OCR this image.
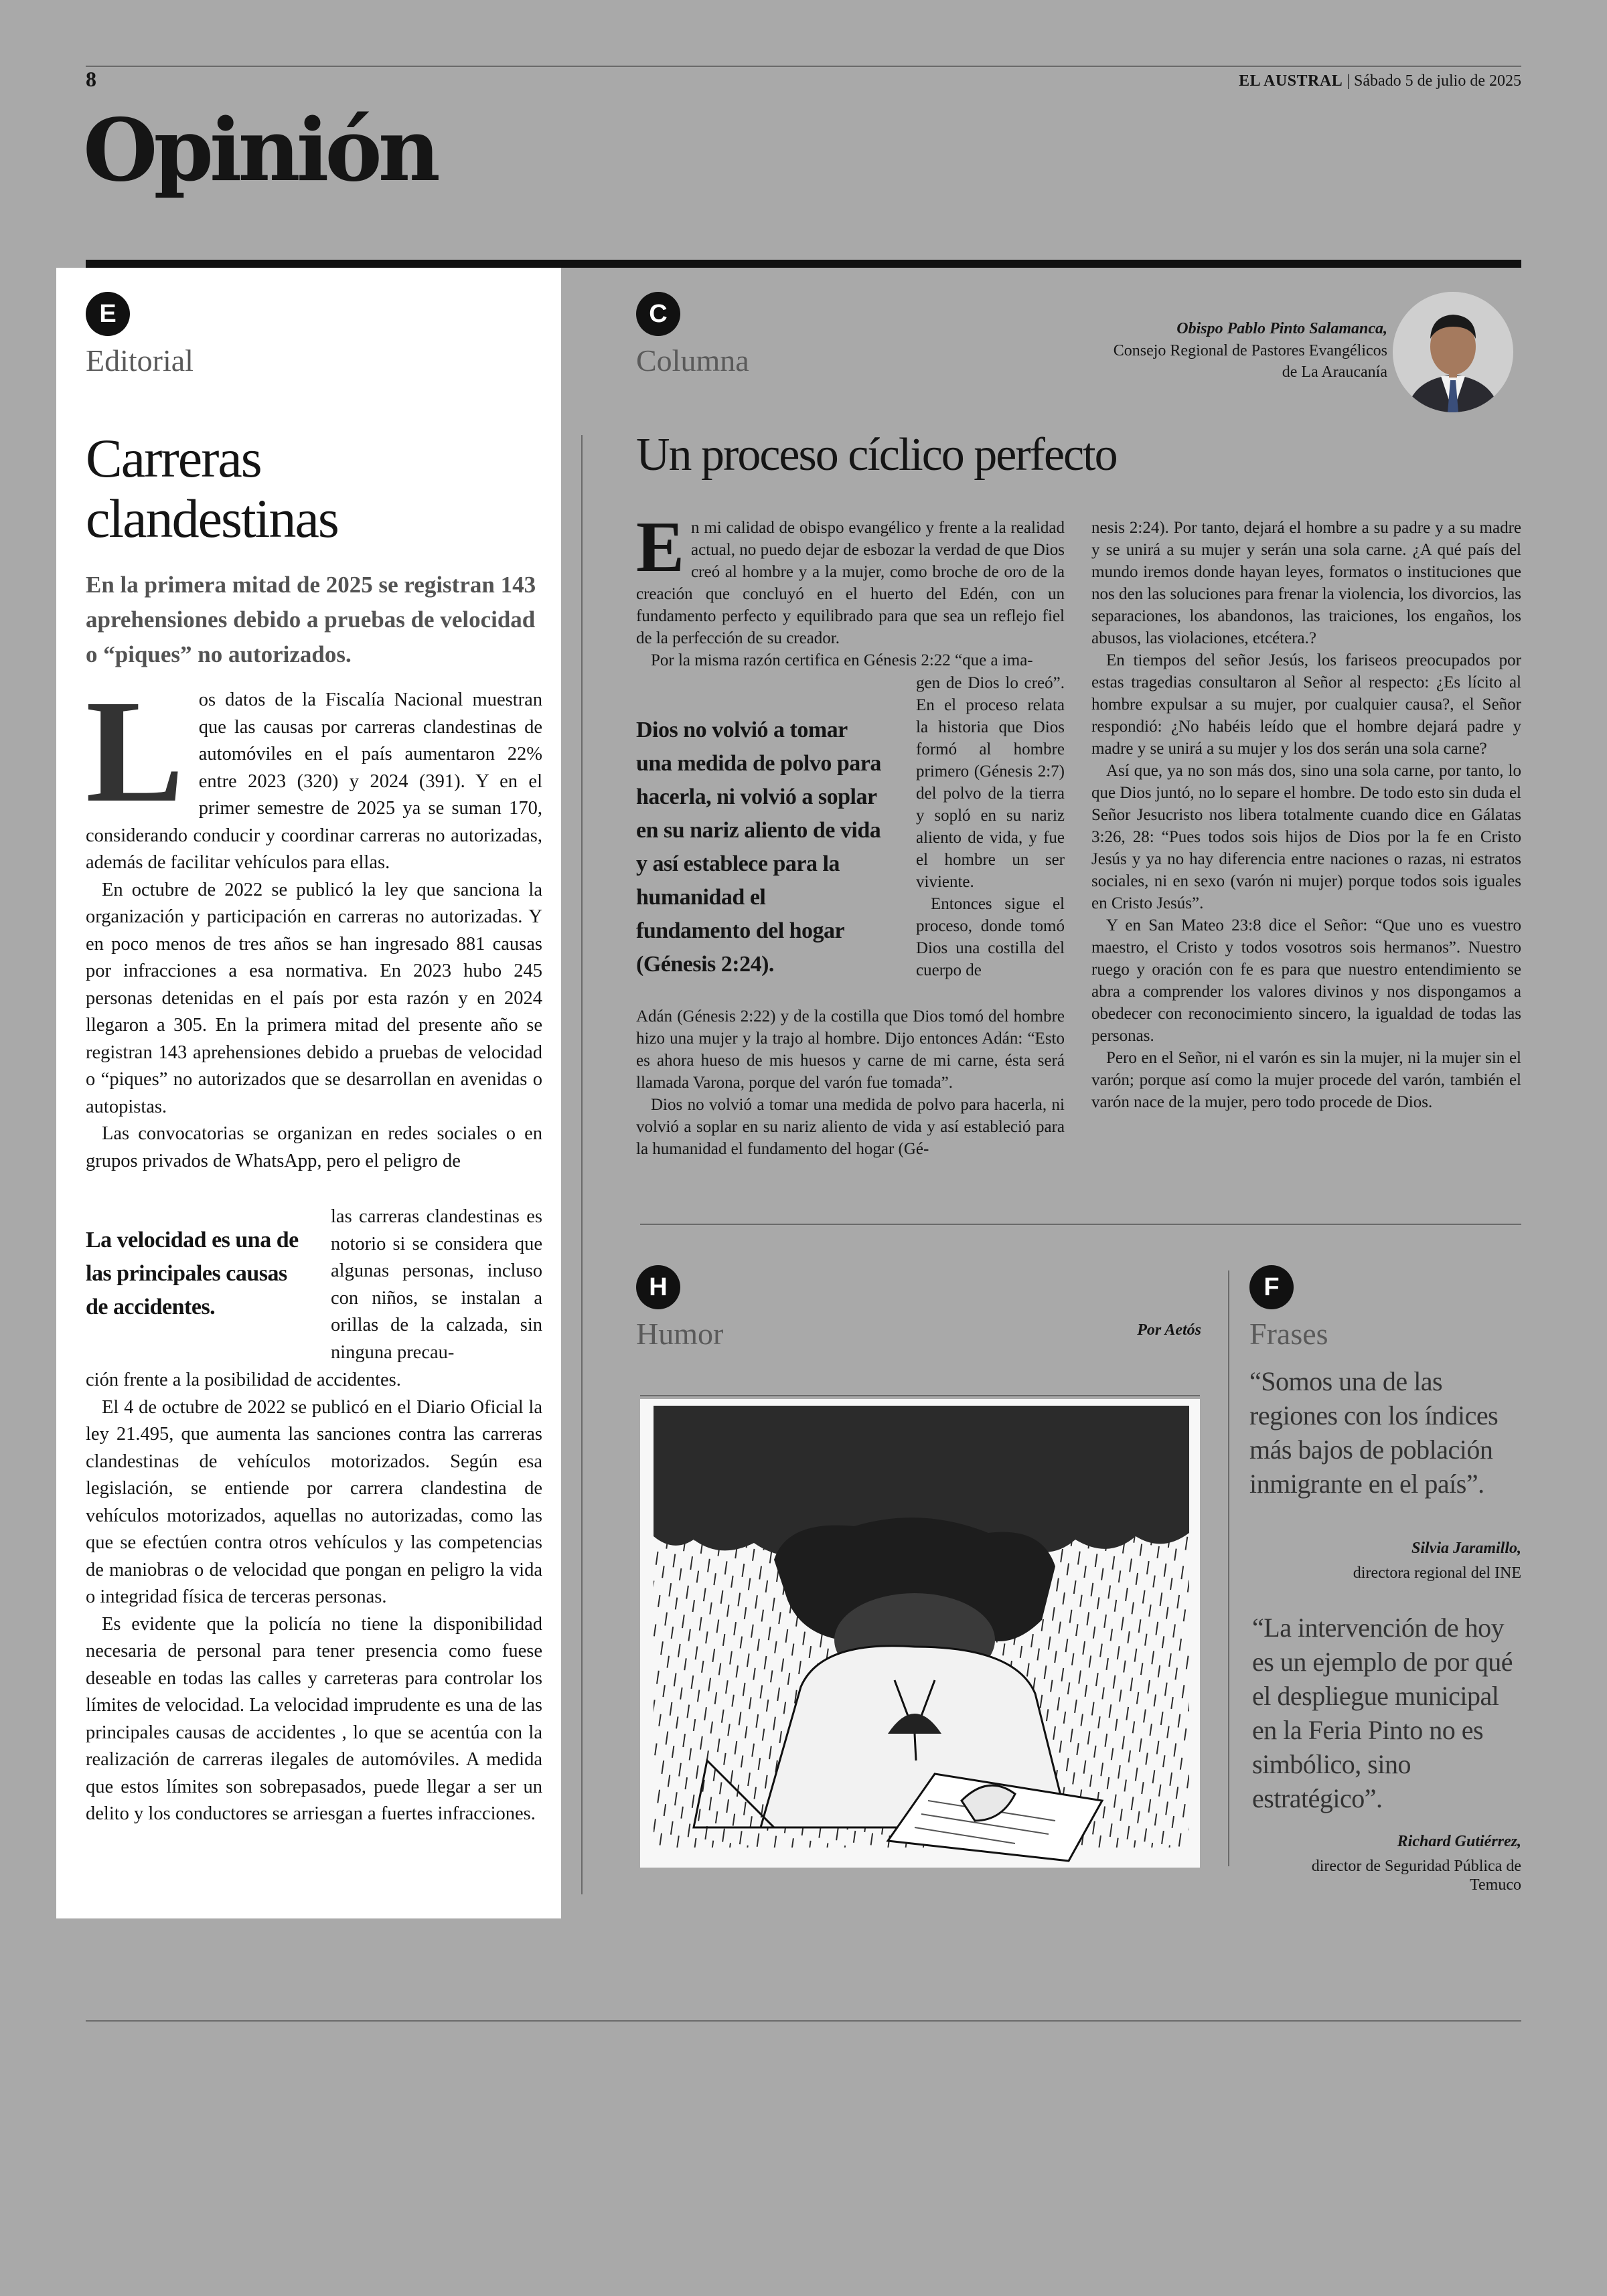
8	EL AUSTRAL | Sábado 5 de julio de 2025
Opinión
E
Editorial
Carreras
clandestinas
En la primera mitad de 2025 se registran 143 aprehensiones debido a pruebas de velocidad o “piques” no autorizados.

Los datos de la Fiscalía Nacional muestran que las causas por carreras clandestinas de automóviles en el país aumentaron 22% entre 2023 (320) y 2024 (391). Y en el primer semestre de 2025 ya se suman 170, considerando conducir y coordinar carreras no autorizadas, además de facilitar vehículos para ellas.

En octubre de 2022 se publicó la ley que sanciona la organización y participación en carreras no autorizadas. Y en poco menos de tres años se han ingresado 881 causas por infracciones a esa normativa. En 2023 hubo 245 personas detenidas en el país por esta razón y en 2024 llegaron a 305. En la primera mitad del presente año se registran 143 aprehensiones debido a pruebas de velocidad o “piques” no autorizados que se desarrollan en avenidas o autopistas.

Las convocatorias se organizan en redes sociales o en grupos privados de WhatsApp, pero el peligro de

La velocidad es una de las principales causas de accidentes.

las carreras clandestinas es notorio si se considera que algunas personas, incluso con niños, se instalan a orillas de la calzada, sin ninguna precau-

ción frente a la posibilidad de accidentes.

El 4 de octubre de 2022 se publicó en el Diario Oficial la ley 21.495, que aumenta las sanciones contra las carreras clandestinas de vehículos motorizados. Según esa legislación, se entiende por carrera clandestina de vehículos motorizados, aquellas no autorizadas, como las que se efectúen contra otros vehículos y las competencias de maniobras o de velocidad que pongan en peligro la vida o integridad física de terceras personas.

Es evidente que la policía no tiene la disponibilidad necesaria de personal para tener presencia como fuese deseable en todas las calles y carreteras para controlar los límites de velocidad. La velocidad imprudente es una de las principales causas de accidentes , lo que se acentúa con la realización de carreras ilegales de automóviles. A medida que estos límites son sobrepasados, puede llegar a ser un delito y los conductores se arriesgan a fuertes infracciones.

C
Columna
Obispo Pablo Pinto Salamanca,
Consejo Regional de Pastores Evangélicos
de La Araucanía
Un proceso cíclico perfecto

En mi calidad de obispo evangélico y frente a la realidad actual, no puedo dejar de esbozar la verdad de que Dios creó al hombre y a la mujer, como broche de oro de la creación que concluyó en el huerto del Edén, con un fundamento perfecto y equilibrado para que sea un reflejo fiel de la perfección de su creador.

Por la misma razón certifica en Génesis 2:22 “que a ima-

Dios no volvió a tomar una medida de polvo para hacerla, ni volvió a soplar en su nariz aliento de vida y así establece para la humanidad el fundamento del hogar (Génesis 2:24).

gen de Dios lo creó”. En el proceso relata la historia que Dios formó al hombre primero (Génesis 2:7) del polvo de la tierra y sopló en su nariz aliento de vida, y fue el hombre un ser viviente.

Entonces sigue el proceso, donde tomó Dios una costilla del cuerpo de

Adán (Génesis 2:22) y de la costilla que Dios tomó del hombre hizo una mujer y la trajo al hombre. Dijo entonces Adán: “Esto es ahora hueso de mis huesos y carne de mi carne, ésta será llamada Varona, porque del varón fue tomada”.

Dios no volvió a tomar una medida de polvo para hacerla, ni volvió a soplar en su nariz aliento de vida y así estableció para la humanidad el fundamento del hogar (Gé-

nesis 2:24). Por tanto, dejará el hombre a su padre y a su madre y se unirá a su mujer y serán una sola carne. ¿A qué país del mundo iremos donde hayan leyes, formatos o instituciones que nos den las soluciones para frenar la violencia, los divorcios, las separaciones, los abandonos, las traiciones, los engaños, los abusos, las violaciones, etcétera.?

En tiempos del señor Jesús, los fariseos preocupados por estas tragedias consultaron al Señor al respecto: ¿Es lícito al hombre expulsar a su mujer, por cualquier causa?, el Señor respondió: ¿No habéis leído que el hombre dejará padre y madre y se unirá a su mujer y los dos serán una sola carne?

Así que, ya no son más dos, sino una sola carne, por tanto, lo que Dios juntó, no lo separe el hombre. De todo esto sin duda el Señor Jesucristo nos libera totalmente cuando dice en Gálatas 3:26, 28: “Pues todos sois hijos de Dios por la fe en Cristo Jesús y ya no hay diferencia entre naciones o razas, ni estratos sociales, ni en sexo (varón ni mujer) porque todos sois iguales en Cristo Jesús”.

Y en San Mateo 23:8 dice el Señor: “Que uno es vuestro maestro, el Cristo y todos vosotros sois hermanos”. Nuestro ruego y oración con fe es para que nuestro entendimiento se abra a comprender los valores divinos y nos dispongamos a obedecer con reconocimiento sincero, la igualdad de todas las personas.

Pero en el Señor, ni el varón es sin la mujer, ni la mujer sin el varón; porque así como la mujer procede del varón, también el varón nace de la mujer, pero todo procede de Dios.

H
Humor	Por Aetós
F
Frases
“Somos una de las regiones con los índices más bajos de población inmigrante en el país”.
Silvia Jaramillo,
directora regional del INE
“La intervención de hoy es un ejemplo de por qué el despliegue municipal en la Feria Pinto no es simbólico, sino estratégico”.
Richard Gutiérrez,
director de Seguridad Pública de
Temuco
